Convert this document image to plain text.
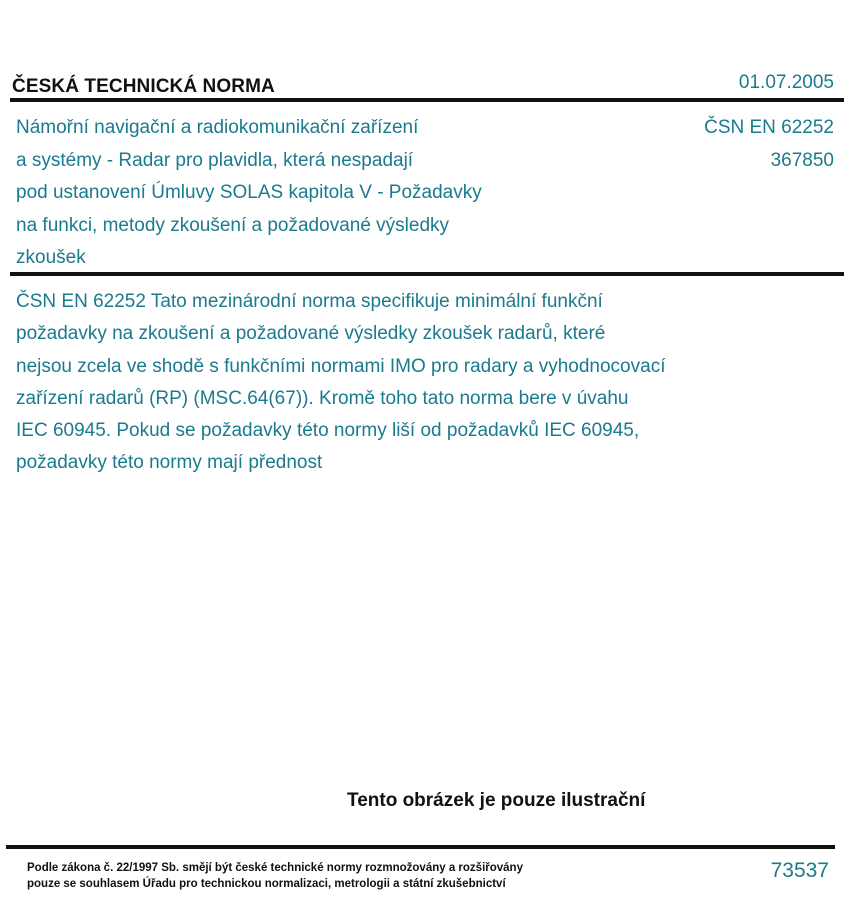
ČESKÁ TECHNICKÁ NORMA	01.07.2005
Námořní navigační a radiokomunikační zařízení
a systémy - Radar pro plavidla, která nespadají
pod ustanovení Úmluvy SOLAS kapitola V - Požadavky
na funkci, metody zkoušení a požadované výsledky
zkoušek
ČSN EN 62252
367850
ČSN EN 62252 Tato mezinárodní norma specifikuje minimální funkční
požadavky na zkoušení a požadované výsledky zkoušek radarů, které
nejsou zcela ve shodě s funkčními normami IMO pro radary a vyhodnocovací
zařízení radarů (RP) (MSC.64(67)). Kromě toho tato norma bere v úvahu
IEC 60945. Pokud se požadavky této normy liší od požadavků IEC 60945,
požadavky této normy mají přednost
Tento obrázek je pouze ilustrační
Podle zákona č. 22/1997 Sb. smějí být české technické normy rozmnožovány a rozšiřovány
pouze se souhlasem Úřadu pro technickou normalizaci, metrologii a státní zkušebnictví
73537
